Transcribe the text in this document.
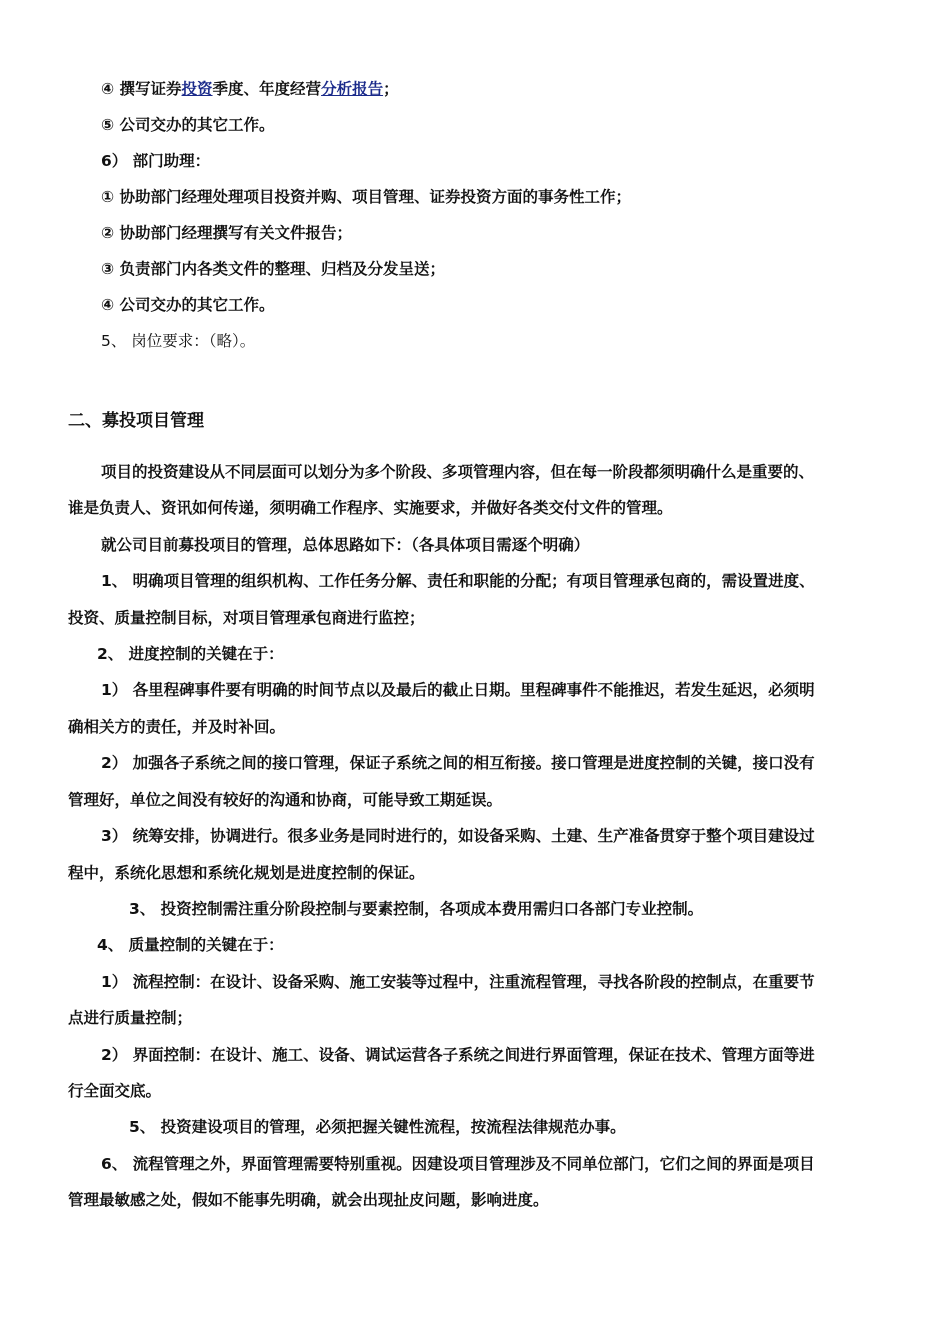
④ 撰写证券投资季度、年度经营分析报告；
⑤ 公司交办的其它工作。
6） 部门助理：
① 协助部门经理处理项目投资并购、项目管理、证券投资方面的事务性工作；
② 协助部门经理撰写有关文件报告；
③ 负责部门内各类文件的整理、归档及分发呈送；
④ 公司交办的其它工作。
5、 岗位要求：（略）。
二、募投项目管理
项目的投资建设从不同层面可以划分为多个阶段、多项管理内容，但在每一阶段都须明确什么是重要的、
谁是负责人、资讯如何传递，须明确工作程序、实施要求，并做好各类交付文件的管理。
就公司目前募投项目的管理，总体思路如下：（各具体项目需逐个明确）
1、 明确项目管理的组织机构、工作任务分解、责任和职能的分配；有项目管理承包商的，需设置进度、
投资、质量控制目标，对项目管理承包商进行监控；
2、 进度控制的关键在于：
1） 各里程碑事件要有明确的时间节点以及最后的截止日期。里程碑事件不能推迟，若发生延迟，必须明
确相关方的责任，并及时补回。
2） 加强各子系统之间的接口管理，保证子系统之间的相互衔接。接口管理是进度控制的关键，接口没有
管理好，单位之间没有较好的沟通和协商，可能导致工期延误。
3） 统筹安排，协调进行。很多业务是同时进行的，如设备采购、土建、生产准备贯穿于整个项目建设过
程中，系统化思想和系统化规划是进度控制的保证。
3、 投资控制需注重分阶段控制与要素控制，各项成本费用需归口各部门专业控制。
4、 质量控制的关键在于：
1） 流程控制：在设计、设备采购、施工安装等过程中，注重流程管理，寻找各阶段的控制点，在重要节
点进行质量控制；
2） 界面控制：在设计、施工、设备、调试运营各子系统之间进行界面管理，保证在技术、管理方面等进
行全面交底。
5、 投资建设项目的管理，必须把握关键性流程，按流程法律规范办事。
6、 流程管理之外，界面管理需要特别重视。因建设项目管理涉及不同单位部门，它们之间的界面是项目
管理最敏感之处，假如不能事先明确，就会出现扯皮问题，影响进度。
